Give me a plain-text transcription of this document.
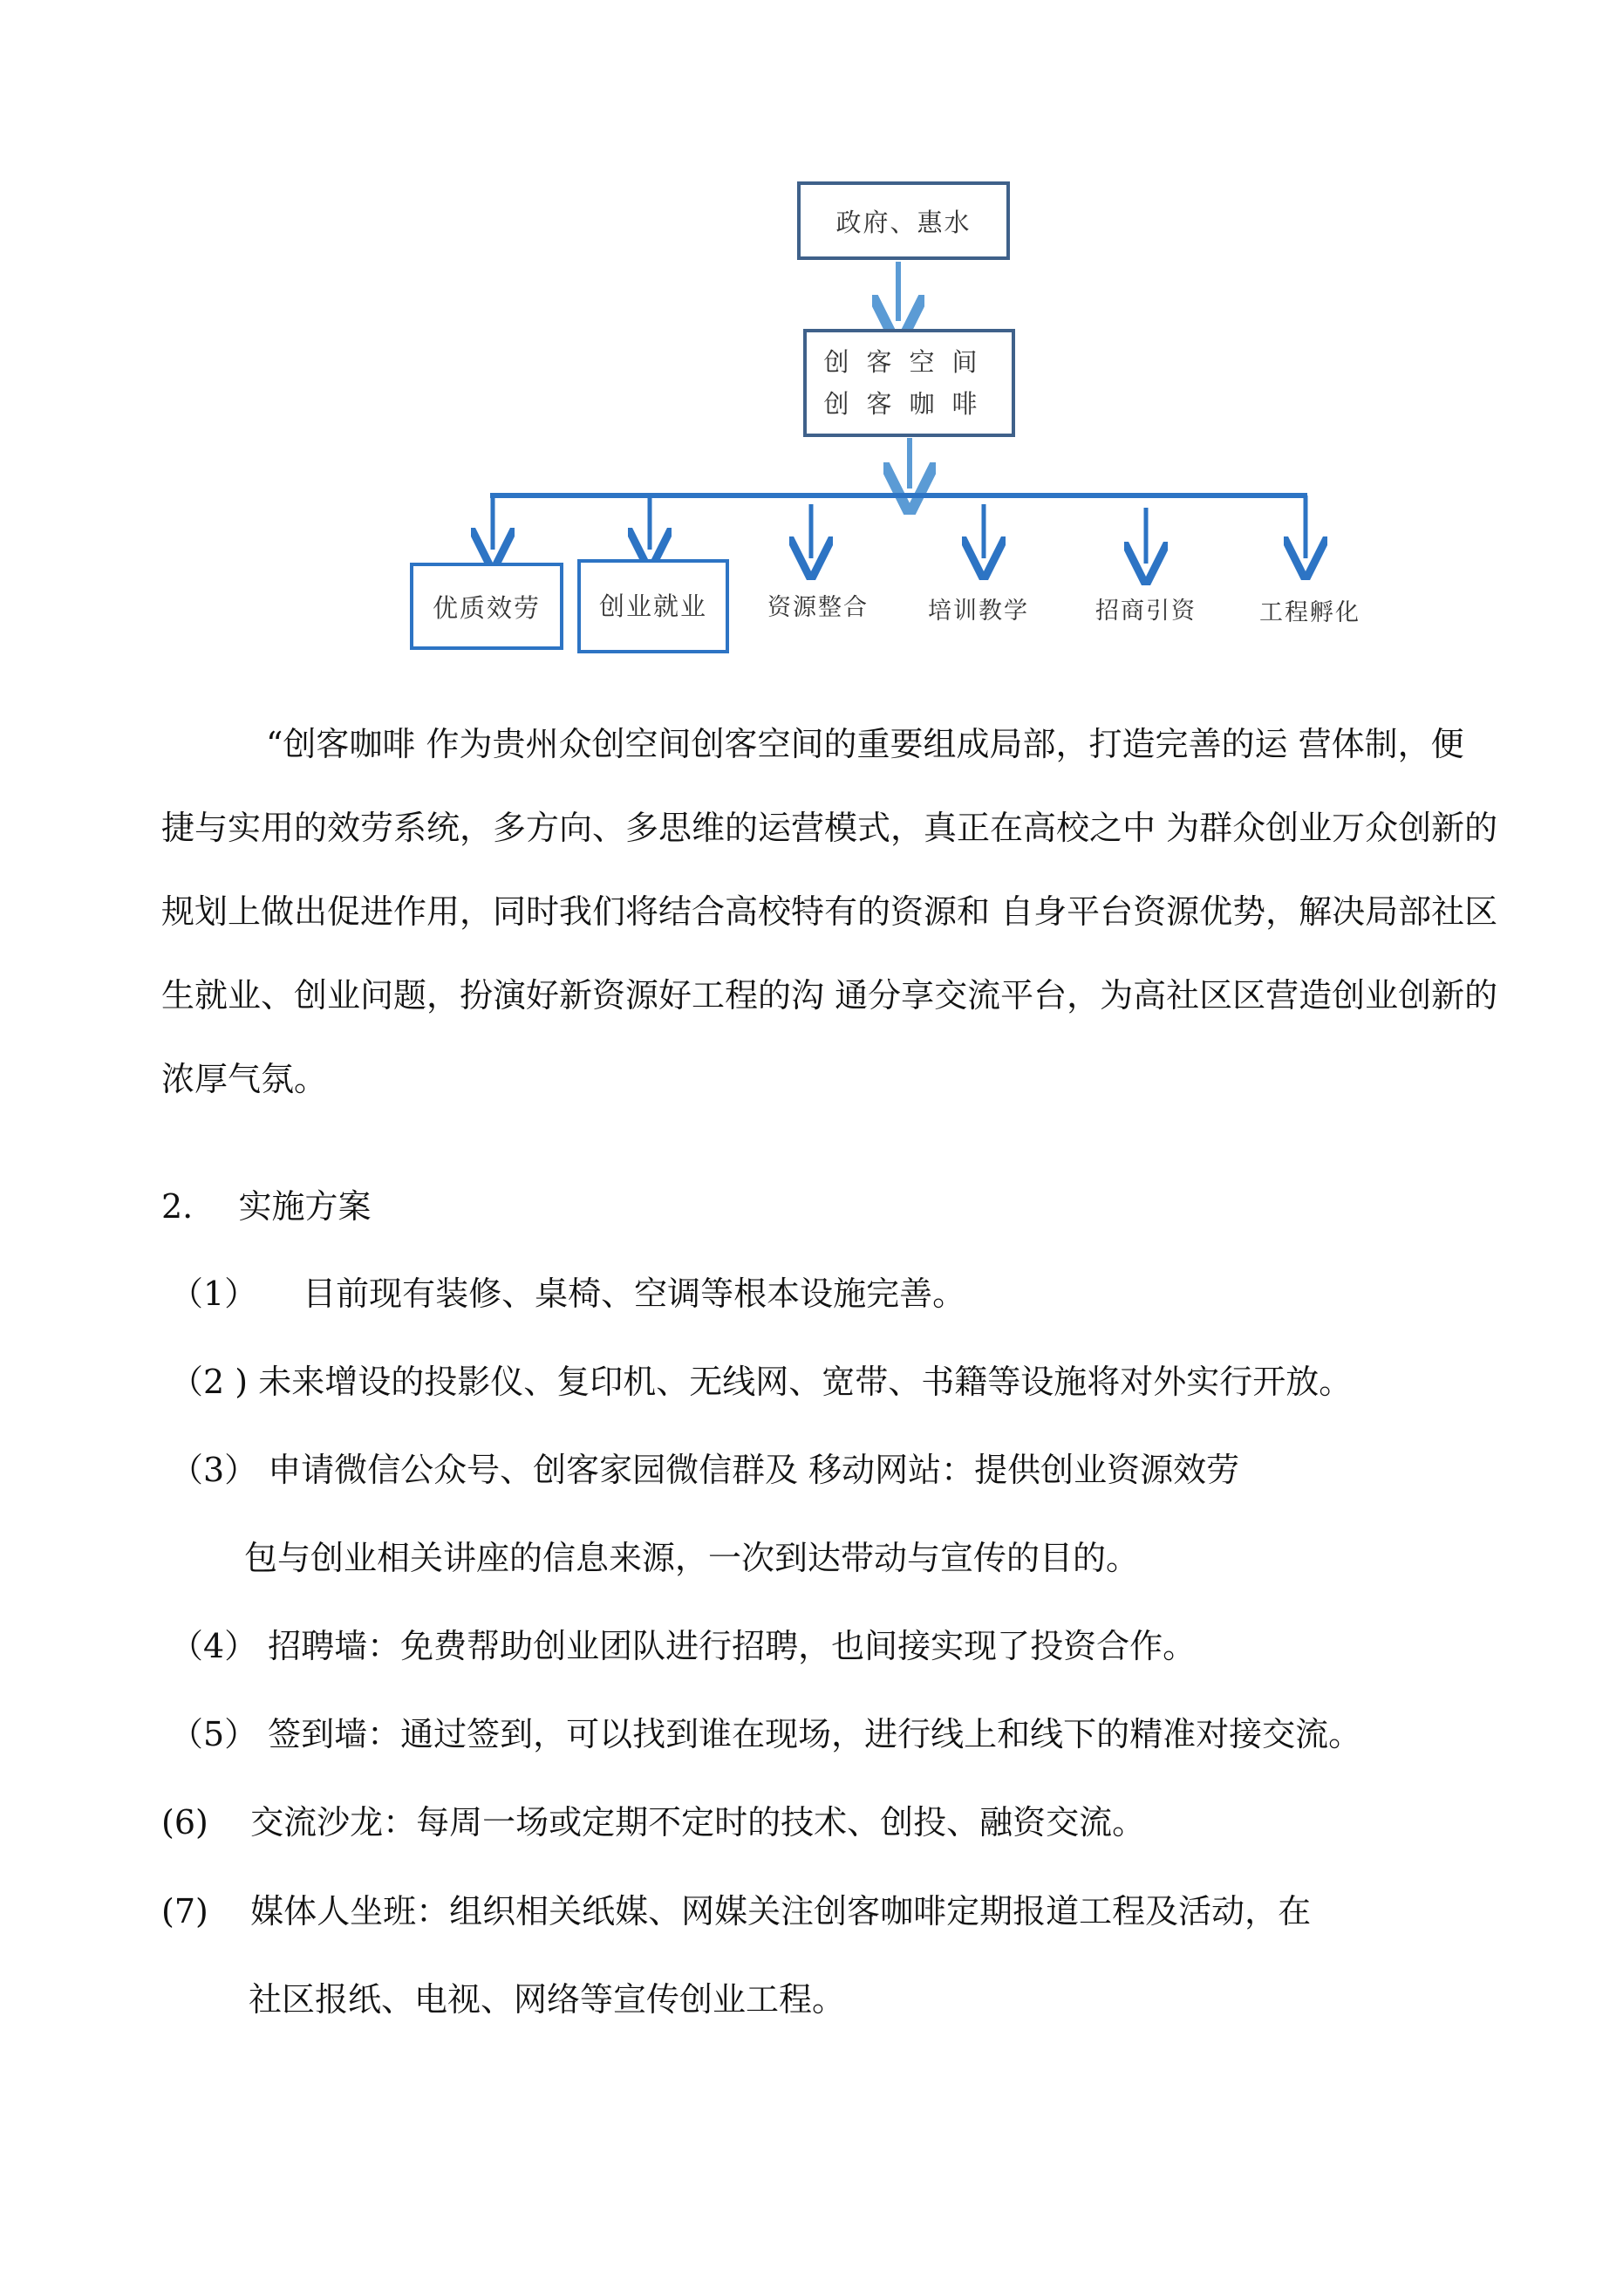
政府、惠水
创客空间
创客咖啡
优质效劳 创业就业	资源整合	培训教学	招商引资	工程孵化
“创客咖啡 作为贵州众创空间创客空间的重要组成局部，打造完善的运 营体制，便
捷与实用的效劳系统，多方向、多思维的运营模式，真正在高校之中 为群众创业万众创新的
规划上做出促进作用，同时我们将结合高校特有的资源和 自身平台资源优势，解决局部社区
生就业、创业问题，扮演好新资源好工程的沟 通分享交流平台，为高社区区营造创业创新的
浓厚气氛。
2. 实施方案
（1） 目前现有装修、桌椅、空调等根本设施完善。
（2 ) 未来增设的投影仪、复印机、无线网、宽带、书籍等设施将对外实行开放。
（3） 申请微信公众号、创客家园微信群及 移动网站：提供创业资源效劳
包与创业相关讲座的信息来源，一次到达带动与宣传的目的。
（4） 招聘墙：免费帮助创业团队进行招聘，也间接实现了投资合作。
（5） 签到墙：通过签到，可以找到谁在现场，进行线上和线下的精准对接交流。
(6) 交流沙龙：每周一场或定期不定时的技术、创投、融资交流。
(7) 媒体人坐班：组织相关纸媒、网媒关注创客咖啡定期报道工程及活动，在
社区报纸、电视、网络等宣传创业工程。
